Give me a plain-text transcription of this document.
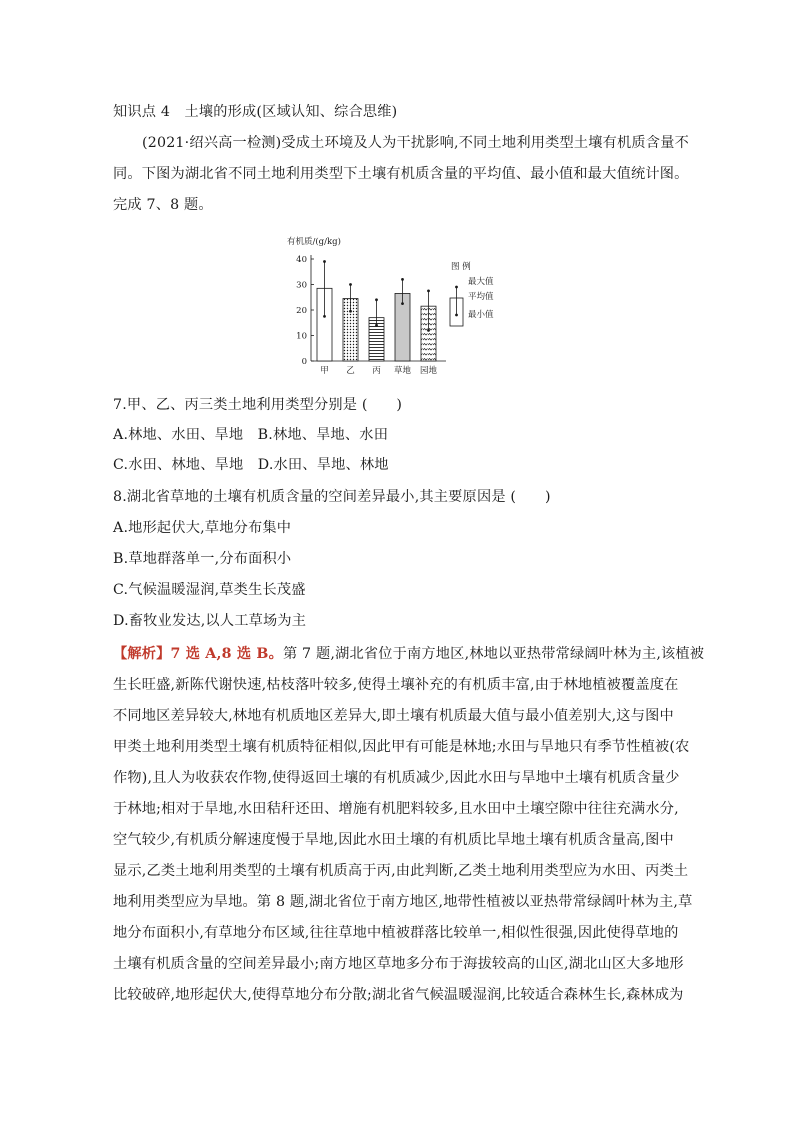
知识点 4　土壤的形成(区域认知、综合思维)
(2021·绍兴高一检测)受成土环境及人为干扰影响,不同土地利用类型土壤有机质含量不
同。下图为湖北省不同土地利用类型下土壤有机质含量的平均值、最小值和最大值统计图。
完成 7、8 题。
有机质/(g/kg)
0
10
20
30
40
甲 乙 丙 草地 园地
图 例
最大值
平均值
最小值
7.甲、乙、丙三类土地利用类型分别是 (　　)
A.林地、水田、旱地　B.林地、旱地、水田
C.水田、林地、旱地　D.水田、旱地、林地
8.湖北省草地的土壤有机质含量的空间差异最小,其主要原因是 (　　)
A.地形起伏大,草地分布集中
B.草地群落单一,分布面积小
C.气候温暖湿润,草类生长茂盛
D.畜牧业发达,以人工草场为主
【解析】7 选 A,8 选 B。第 7 题,湖北省位于南方地区,林地以亚热带常绿阔叶林为主,该植被
生长旺盛,新陈代谢快速,枯枝落叶较多,使得土壤补充的有机质丰富,由于林地植被覆盖度在
不同地区差异较大,林地有机质地区差异大,即土壤有机质最大值与最小值差别大,这与图中
甲类土地利用类型土壤有机质特征相似,因此甲有可能是林地;水田与旱地只有季节性植被(农
作物),且人为收获农作物,使得返回土壤的有机质减少,因此水田与旱地中土壤有机质含量少
于林地;相对于旱地,水田秸秆还田、增施有机肥料较多,且水田中土壤空隙中往往充满水分,
空气较少,有机质分解速度慢于旱地,因此水田土壤的有机质比旱地土壤有机质含量高,图中
显示,乙类土地利用类型的土壤有机质高于丙,由此判断,乙类土地利用类型应为水田、丙类土
地利用类型应为旱地。第 8 题,湖北省位于南方地区,地带性植被以亚热带常绿阔叶林为主,草
地分布面积小,有草地分布区域,往往草地中植被群落比较单一,相似性很强,因此使得草地的
土壤有机质含量的空间差异最小;南方地区草地多分布于海拔较高的山区,湖北山区大多地形
比较破碎,地形起伏大,使得草地分布分散;湖北省气候温暖湿润,比较适合森林生长,森林成为
